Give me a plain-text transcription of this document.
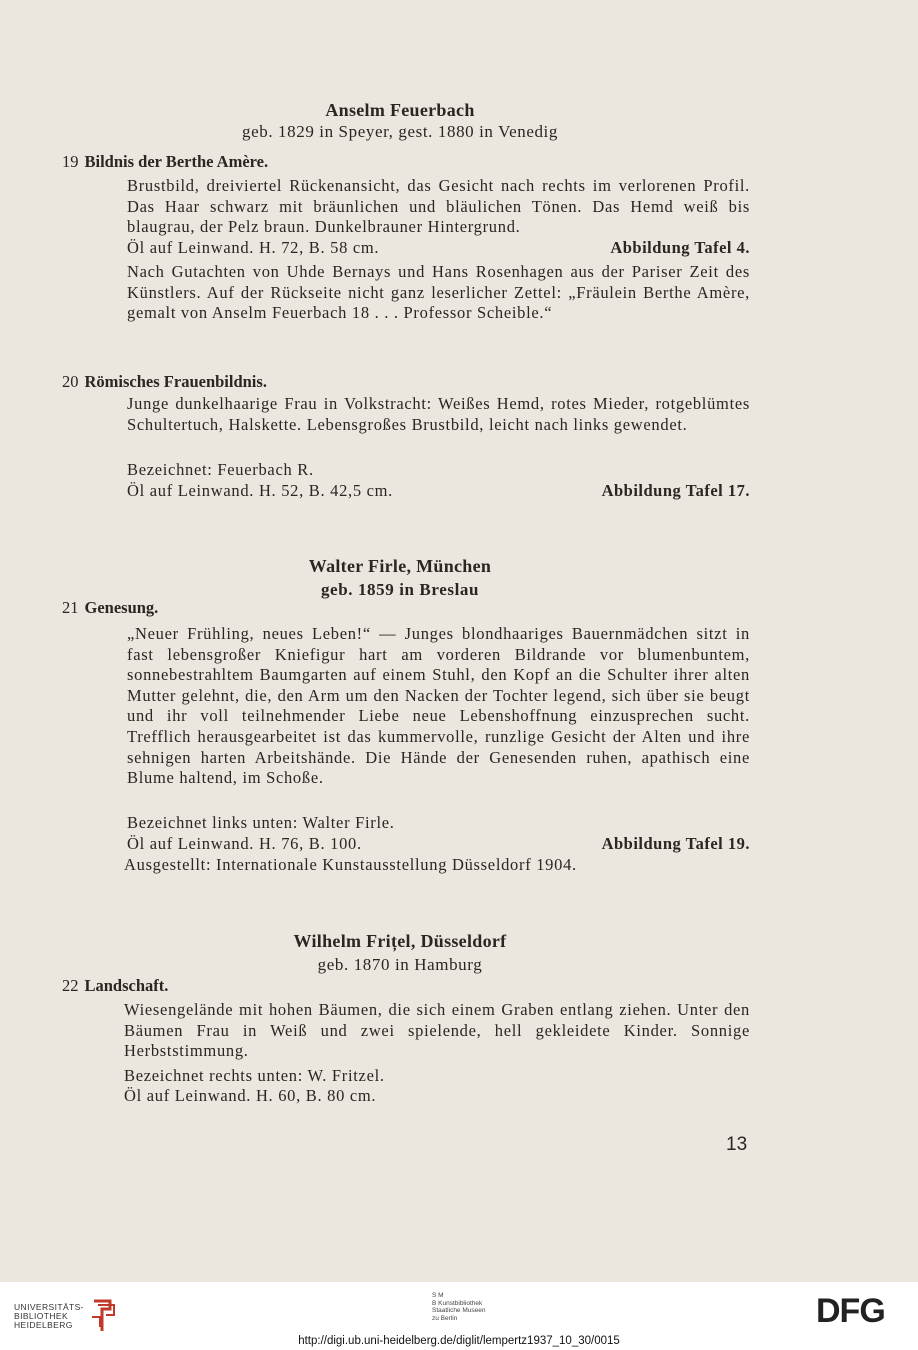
Anselm Feuerbach
geb. 1829 in Speyer, gest. 1880 in Venedig
19 Bildnis der Berthe Amère.
Brustbild, dreiviertel Rückenansicht, das Gesicht nach rechts im verlorenen Profil. Das Haar schwarz mit bräunlichen und bläulichen Tönen. Das Hemd weiß bis blaugrau, der Pelz braun. Dunkelbrauner Hintergrund.
Öl auf Leinwand. H. 72, B. 58 cm.	Abbildung Tafel 4.
Nach Gutachten von Uhde Bernays und Hans Rosenhagen aus der Pariser Zeit des Künstlers. Auf der Rückseite nicht ganz leserlicher Zettel: „Fräulein Berthe Amère, gemalt von Anselm Feuerbach 18 . . . Professor Scheible.“
20 Römisches Frauenbildnis.
Junge dunkelhaarige Frau in Volkstracht: Weißes Hemd, rotes Mieder, rotgeblümtes Schultertuch, Halskette. Lebensgroßes Brustbild, leicht nach links gewendet.
Bezeichnet: Feuerbach R.
Öl auf Leinwand. H. 52, B. 42,5 cm.	Abbildung Tafel 17.
Walter Firle, München
geb. 1859 in Breslau
21 Genesung.
„Neuer Frühling, neues Leben!“ — Junges blondhaariges Bauernmädchen sitzt in fast lebensgroßer Kniefigur hart am vorderen Bildrande vor blumenbuntem, sonnebestrahltem Baumgarten auf einem Stuhl, den Kopf an die Schulter ihrer alten Mutter gelehnt, die, den Arm um den Nacken der Tochter legend, sich über sie beugt und ihr voll teilnehmender Liebe neue Lebenshoffnung einzusprechen sucht. Trefflich herausgearbeitet ist das kummervolle, runzlige Gesicht der Alten und ihre sehnigen harten Arbeitshände. Die Hände der Genesenden ruhen, apathisch eine Blume haltend, im Schoße.
Bezeichnet links unten: Walter Firle.
Öl auf Leinwand. H. 76, B. 100.	Abbildung Tafel 19.
Ausgestellt: Internationale Kunstausstellung Düsseldorf 1904.
Wilhelm Frițel, Düsseldorf
geb. 1870 in Hamburg
22 Landschaft.
Wiesengelände mit hohen Bäumen, die sich einem Graben entlang ziehen. Unter den Bäumen Frau in Weiß und zwei spielende, hell gekleidete Kinder. Sonnige Herbststimmung.
Bezeichnet rechts unten: W. Fritzel.
Öl auf Leinwand. H. 60, B. 80 cm.
13
UNIVERSITÄTS-
BIBLIOTHEK
HEIDELBERG
S M
B Kunstbibliothek
Staatliche Museen
zu Berlin	DFG
http://digi.ub.uni-heidelberg.de/diglit/lempertz1937_10_30/0015
